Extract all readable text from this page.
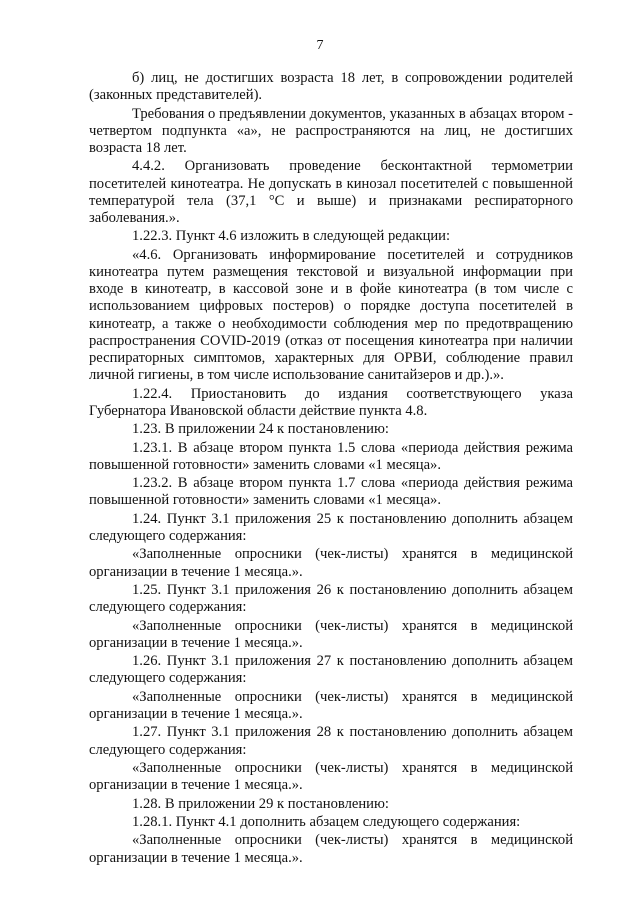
7

б) лиц, не достигших возраста 18 лет, в сопровождении родителей (законных представителей).

Требования о предъявлении документов, указанных в абзацах втором - четвертом подпункта «а», не распространяются на лиц, не достигших возраста 18 лет.

4.4.2. Организовать проведение бесконтактной термометрии посетителей кинотеатра. Не допускать в кинозал посетителей с повышенной температурой тела (37,1 °С и выше) и признаками респираторного заболевания.».

1.22.3. Пункт 4.6 изложить в следующей редакции:

«4.6. Организовать информирование посетителей и сотрудников кинотеатра путем размещения текстовой и визуальной информации при входе в кинотеатр, в кассовой зоне и в фойе кинотеатра (в том числе с использованием цифровых постеров) о порядке доступа посетителей в кинотеатр, а также о необходимости соблюдения мер по предотвращению распространения COVID-2019 (отказ от посещения кинотеатра при наличии респираторных симптомов, характерных для ОРВИ, соблюдение правил личной гигиены, в том числе использование санитайзеров и др.).».

1.22.4. Приостановить до издания соответствующего указа Губернатора Ивановской области действие пункта 4.8.

1.23. В приложении 24 к постановлению:

1.23.1. В абзаце втором пункта 1.5 слова «периода действия режима повышенной готовности» заменить словами «1 месяца».

1.23.2. В абзаце втором пункта 1.7 слова «периода действия режима повышенной готовности» заменить словами «1 месяца».

1.24. Пункт 3.1 приложения 25 к постановлению дополнить абзацем следующего содержания:

«Заполненные опросники (чек-листы) хранятся в медицинской организации в течение 1 месяца.».

1.25. Пункт 3.1 приложения 26 к постановлению дополнить абзацем следующего содержания:

«Заполненные опросники (чек-листы) хранятся в медицинской организации в течение 1 месяца.».

1.26. Пункт 3.1 приложения 27 к постановлению дополнить абзацем следующего содержания:

«Заполненные опросники (чек-листы) хранятся в медицинской организации в течение 1 месяца.».

1.27. Пункт 3.1 приложения 28 к постановлению дополнить абзацем следующего содержания:

«Заполненные опросники (чек-листы) хранятся в медицинской организации в течение 1 месяца.».

1.28. В приложении 29 к постановлению:

1.28.1. Пункт 4.1 дополнить абзацем следующего содержания:

«Заполненные опросники (чек-листы) хранятся в медицинской организации в течение 1 месяца.».
